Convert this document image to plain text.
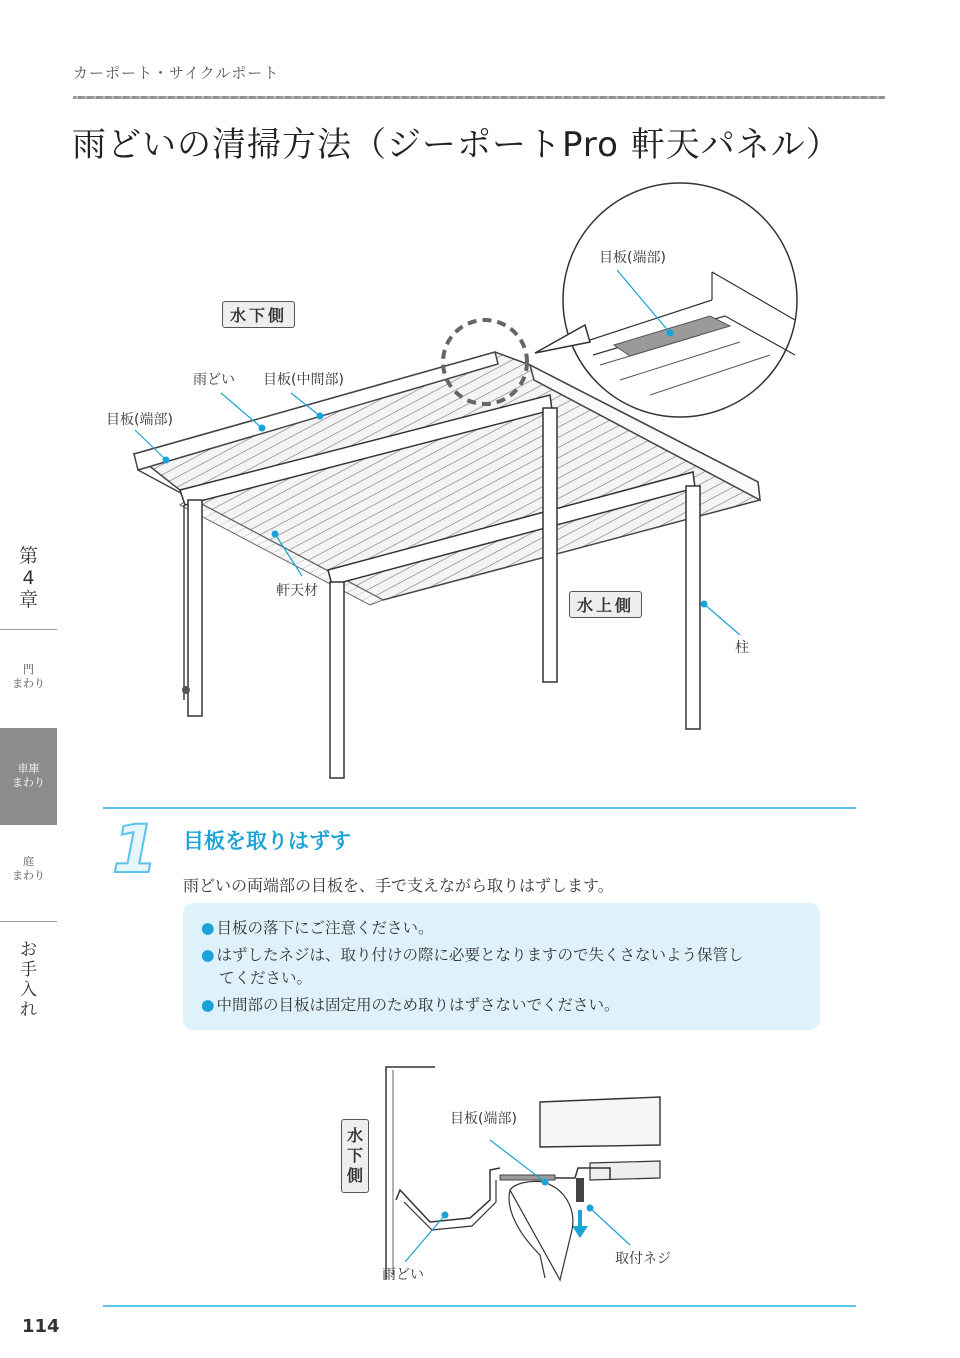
カーポート・サイクルポート
雨どいの清掃方法（ジーポートPro 軒天パネル）
第
4
章
門
まわり
車庫
まわり
庭
まわり
お
手
入
れ
114
水下側
水上側
目板(端部)
雨どい 目板(中間部)
目板(端部)
軒天材
柱
1 目板を取りはずす
雨どいの両端部の目板を、手で支えながら取りはずします。
● 目板の落下にご注意ください。
● はずしたネジは、取り付けの際に必要となりますので失くさないよう保管し
てください。
● 中間部の目板は固定用のため取りはずさないでください。
水
下
側
目板(端部)
雨どい
取付ネジ
